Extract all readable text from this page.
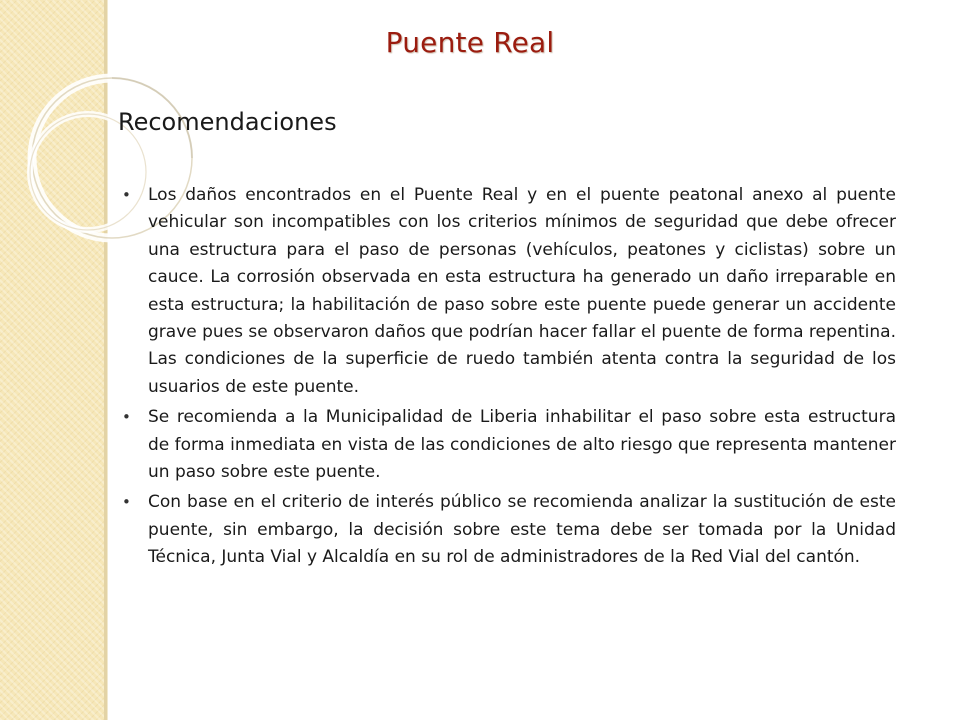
Puente Real
Recomendaciones
•	Los daños encontrados en el Puente Real y en el puente peatonal anexo al puente vehicular son incompatibles con los criterios mínimos de seguridad que debe ofrecer una estructura para el paso de personas (vehículos, peatones y ciclistas) sobre un cauce. La corrosión observada en esta estructura ha generado un daño irreparable en esta estructura; la habilitación de paso sobre este puente puede generar un accidente grave pues se observaron daños que podrían hacer fallar el puente de forma repentina. Las condiciones de la superficie de ruedo también atenta contra la seguridad de los usuarios de este puente.
•	Se recomienda a la Municipalidad de Liberia inhabilitar el paso sobre esta estructura de forma inmediata en vista de las condiciones de alto riesgo que representa mantener un paso sobre este puente.
•	Con base en el criterio de interés público se recomienda analizar la sustitución de este puente, sin embargo, la decisión sobre este tema debe ser tomada por la Unidad Técnica, Junta Vial y Alcaldía en su rol de administradores de la Red Vial del cantón.
